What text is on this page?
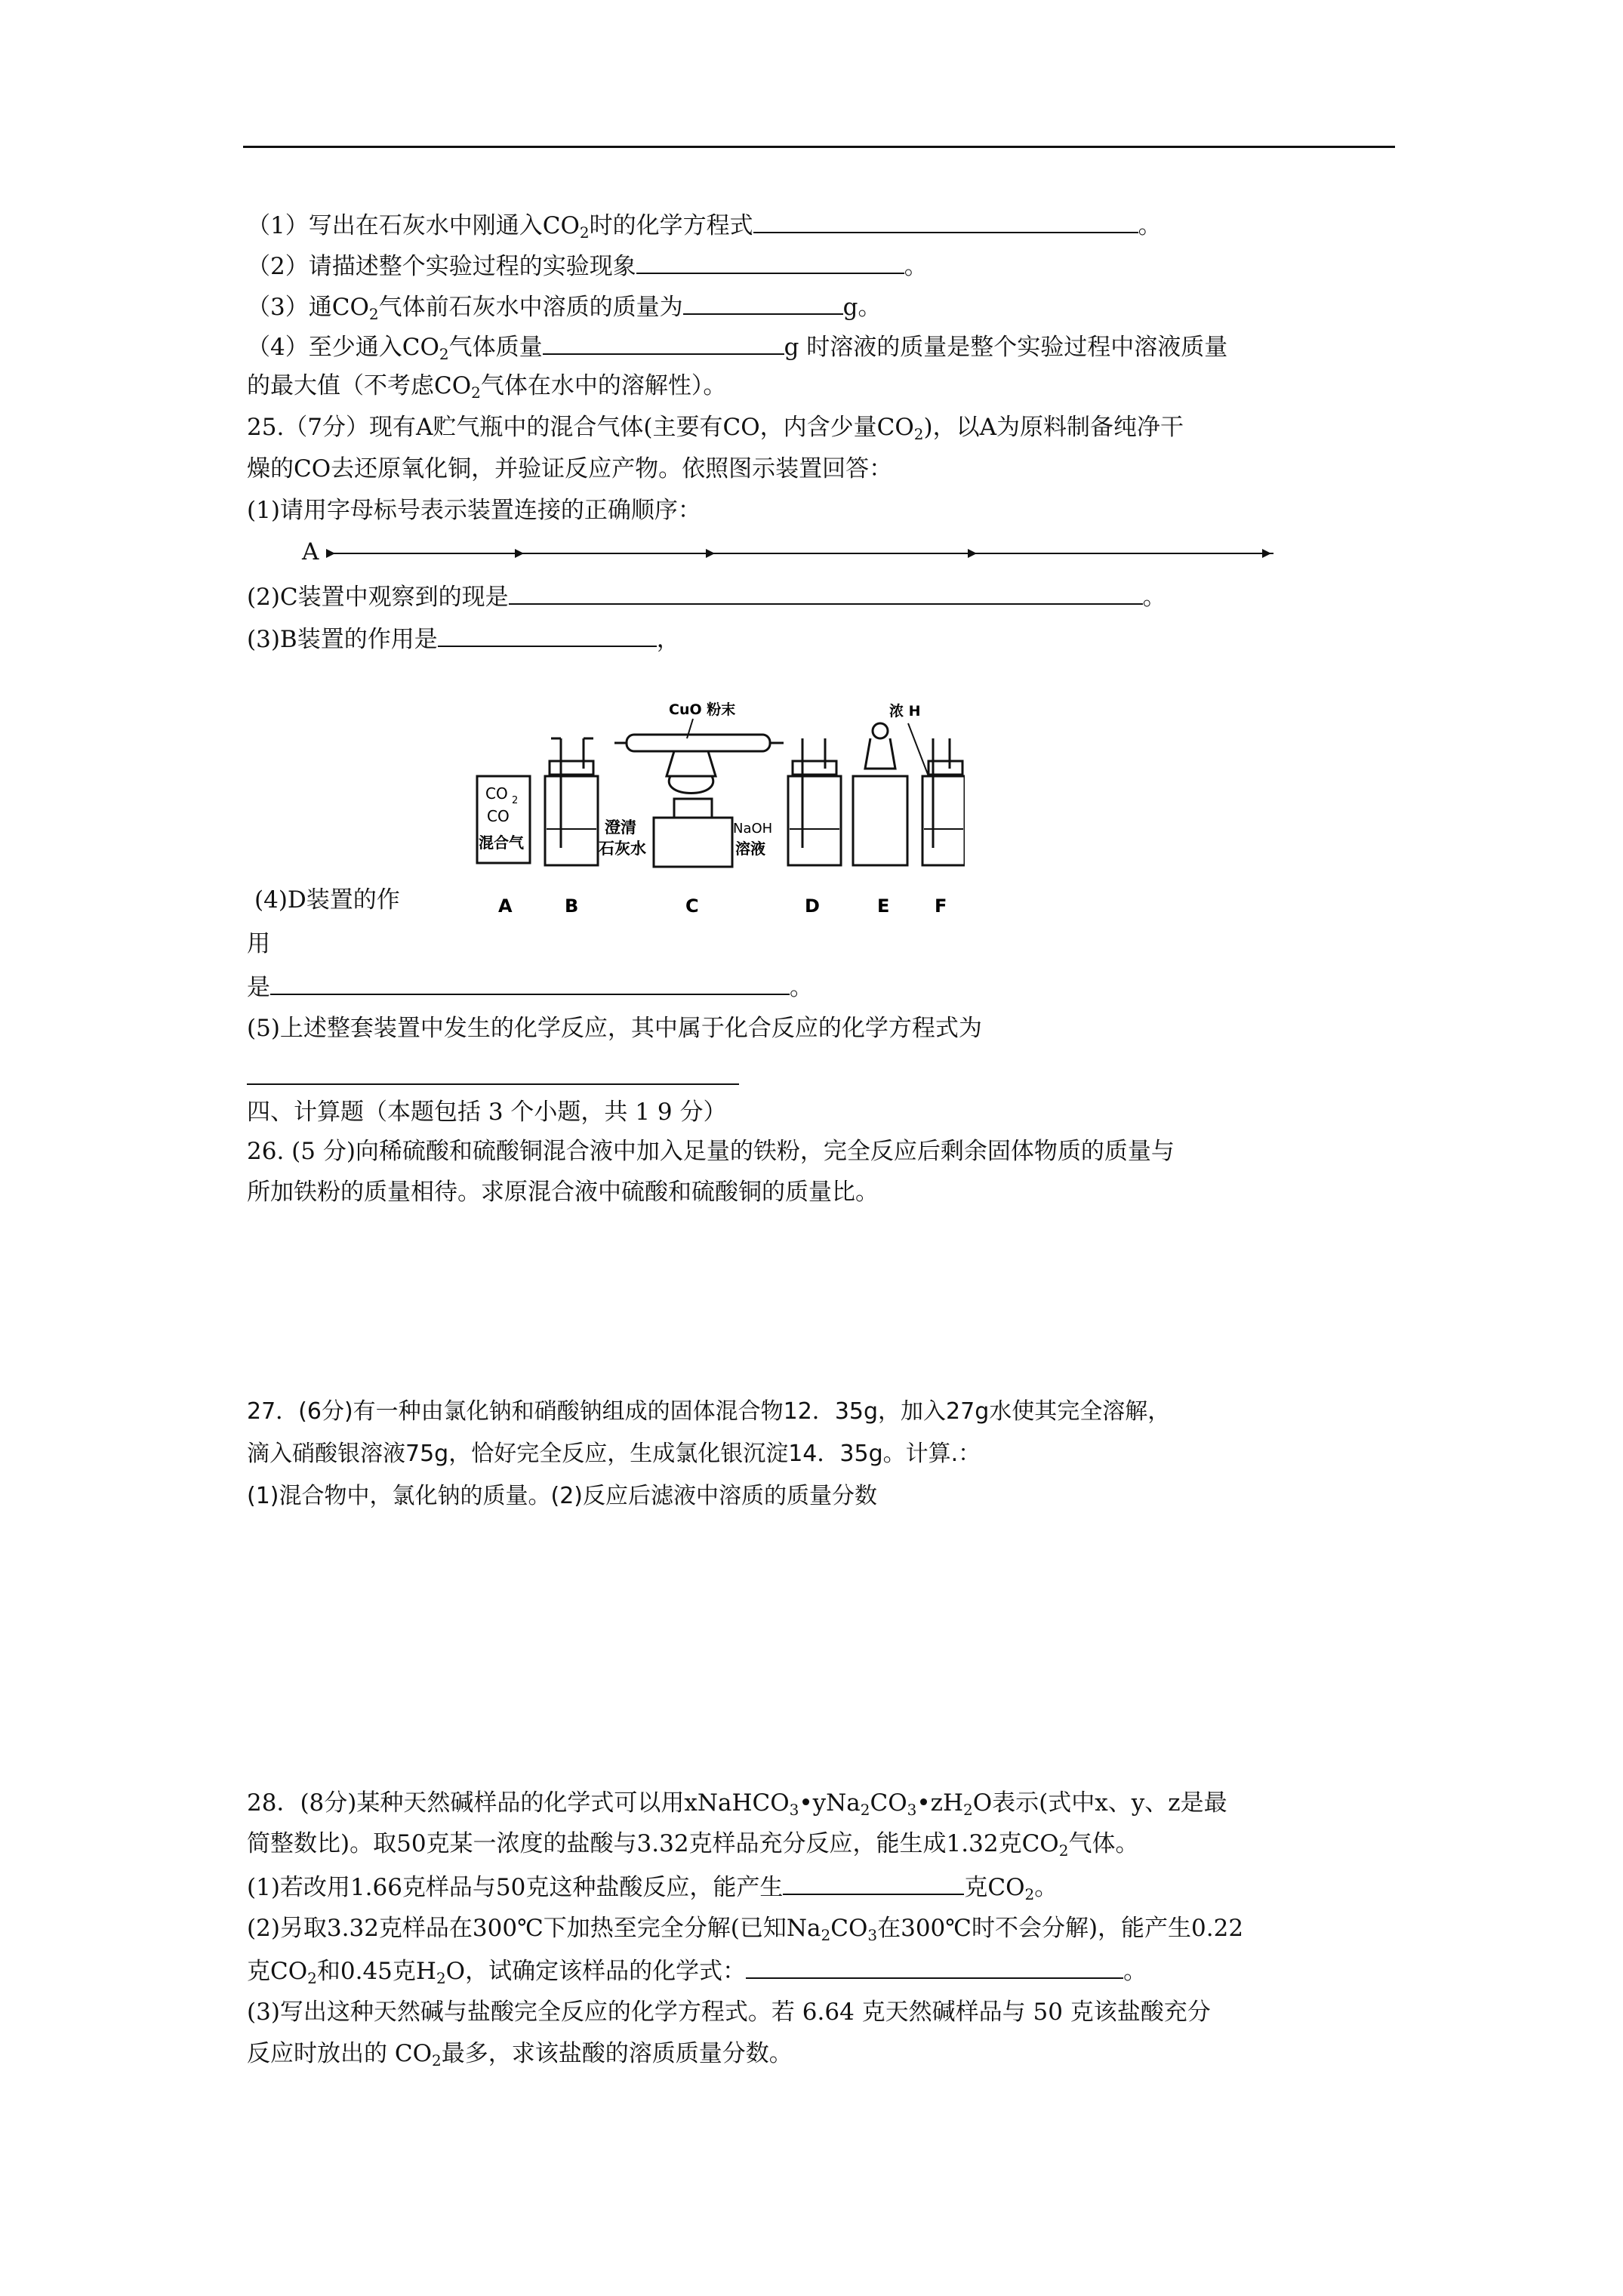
（1）写出在石灰水中刚通入$CO_2$时的化学方程式	。
（2）请描述整个实验过程的实验现象	。
（3）通$CO_2$气体前石灰水中溶质的质量为	g。
（4）至少通入$CO_2$气体质量	g 时溶液的质量是整个实验过程中溶液质量
的最大值（不考虑$CO_2$气体在水中的溶解性）。
25.（7分）现有A贮气瓶中的混合气体(主要有CO，内含少量$CO_2$)，以A为原料制备纯净干
燥的CO去还原氧化铜，并验证反应产物。依照图示装置回答：
(1)请用字母标号表示装置连接的正确顺序：
A
(2)C装置中观察到的现是	。
(3)B装置的作用是	，
CO 2
CO
混合气
CuO 粉末
澄清
石灰水
NaOH
溶液
浓 H
A	B	C	D	E F
(4)D装置的作
用
是	。
(5)上述整套装置中发生的化学反应，其中属于化合反应的化学方程式为
四、计算题（本题包括 3 个小题，共 1 9 分）
26. (5 分)向稀硫酸和硫酸铜混合液中加入足量的铁粉，完全反应后剩余固体物质的质量与
所加铁粉的质量相待。求原混合液中硫酸和硫酸铜的质量比。
27．(6分)有一种由氯化钠和硝酸钠组成的固体混合物12．35g，加入27g水使其完全溶解，
滴入硝酸银溶液75g，恰好完全反应，生成氯化银沉淀14．35g。计算.：
(1)混合物中，氯化钠的质量。(2)反应后滤液中溶质的质量分数
28．(8分)某种天然碱样品的化学式可以用$xNaHCO_3•yNa_2CO_3•zH_2O$表示(式中x、y、z是最
简整数比)。取50克某一浓度的盐酸与3.32克样品充分反应，能生成1.32克$CO_2$气体。
(1)若改用1.66克样品与50克这种盐酸反应，能产生	克$CO_2$。
(2)另取3.32克样品在300℃下加热至完全分解(已知$Na_2CO_3$在300℃时不会分解)，能产生0.22
克$CO_2$和0.45克$H_2O$，试确定该样品的化学式：	。
(3)写出这种天然碱与盐酸完全反应的化学方程式。若 6.64 克天然碱样品与 50 克该盐酸充分
反应时放出的 $CO_2$最多，求该盐酸的溶质质量分数。
